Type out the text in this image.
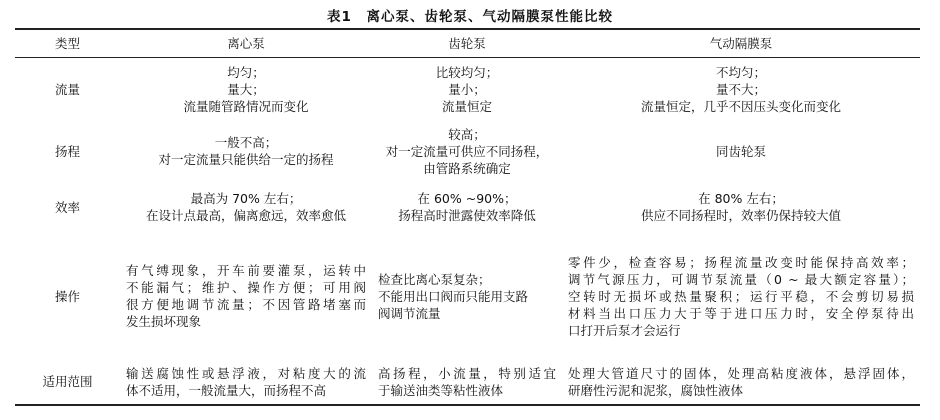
表1　离心泵、齿轮泵、气动隔膜泵性能比较
类型	离心泵	齿轮泵	气动隔膜泵
流量	均匀；
量大；
流量随管路情况而变化	比较均匀；
量小；
流量恒定	不均匀；
量不大；
流量恒定，几乎不因压头变化而变化

扬程	一般不高；
对一定流量只能供给一定的扬程	较高；
对一定流量可供应不同扬程，
由管路系统确定	同齿轮泵

效率	最高为 70% 左右；
在设计点最高，偏离愈远，效率愈低	在 60% ~90%；
扬程高时泄露使效率降低	在 80% 左右；
供应不同扬程时，效率仍保持较大值

操作	有气缚现象，开车前要灌泵，运转中
不能漏气；维护、操作方便；可用阀
很方便地调节流量；不因管路堵塞而
发生损坏现象	检查比离心泵复杂；
不能用出口阀而只能用支路
阀调节流量	零件少，检查容易；扬程流量改变时能保持高效率；
调节气源压力，可调节泵流量（0 ~ 最大额定容量）；
空转时无损坏或热量聚积；运行平稳，不会剪切易损
材料当出口压力大于等于进口压力时，安全停泵待出
口打开后泵才会运行

适用范围	输送腐蚀性或悬浮液，对粘度大的流
体不适用，一般流量大，而扬程不高	高扬程，小流量，特别适宜
于输送油类等粘性液体	处理大管道尺寸的固体，处理高粘度液体，悬浮固体，
研磨性污泥和泥浆，腐蚀性液体
